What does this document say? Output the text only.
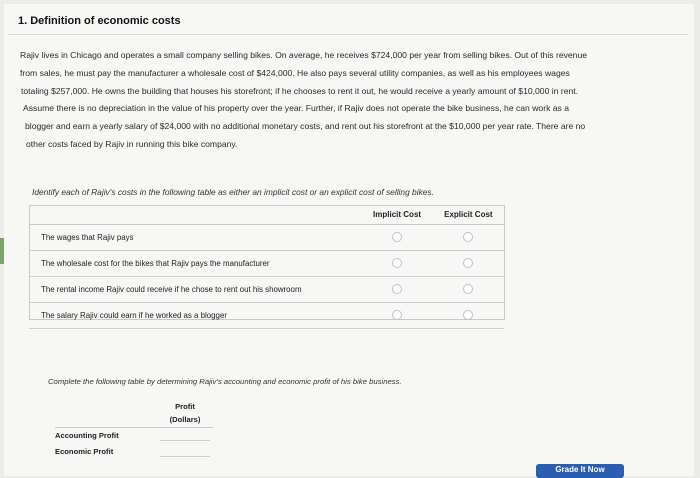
1. Definition of economic costs
Rajiv lives in Chicago and operates a small company selling bikes. On average, he receives $724,000 per year from selling bikes. Out of this revenue
from sales, he must pay the manufacturer a wholesale cost of $424,000. He also pays several utility companies, as well as his employees wages
totaling $257,000. He owns the building that houses his storefront; if he chooses to rent it out, he would receive a yearly amount of $10,000 in rent.
Assume there is no depreciation in the value of his property over the year. Further, if Rajiv does not operate the bike business, he can work as a
blogger and earn a yearly salary of $24,000 with no additional monetary costs, and rent out his storefront at the $10,000 per year rate. There are no
other costs faced by Rajiv in running this bike company.
Identify each of Rajiv's costs in the following table as either an implicit cost or an explicit cost of selling bikes.
	Implicit Cost	Explicit Cost
The wages that Rajiv pays		
The wholesale cost for the bikes that Rajiv pays the manufacturer		
The rental income Rajiv could receive if he chose to rent out his showroom		
The salary Rajiv could earn if he worked as a blogger		
Complete the following table by determining Rajiv's accounting and economic profit of his bike business.
Profit
(Dollars)
Accounting Profit
Economic Profit
Grade It Now
